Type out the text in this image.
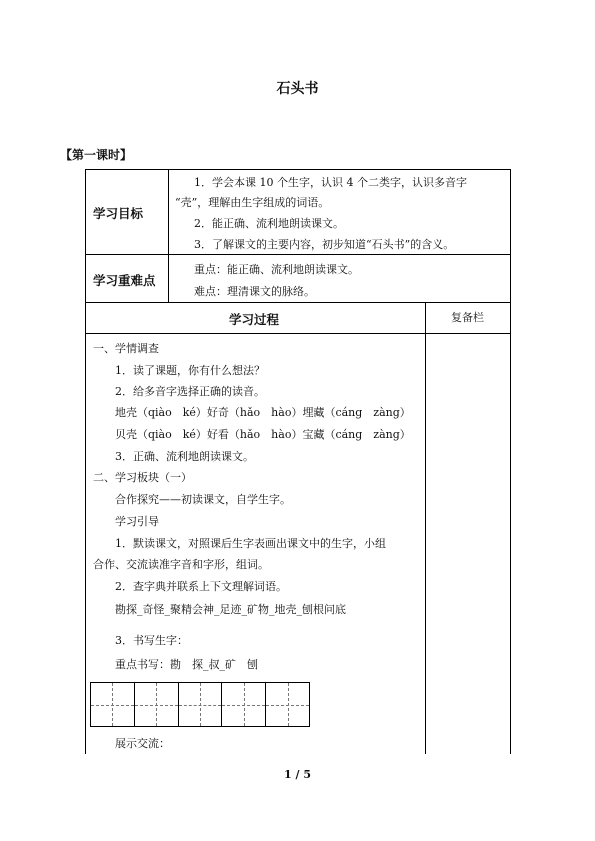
石头书
【第一课时】
学习目标
1．学会本课 10 个生字，认识 4 个二类字，认识多音字
“壳”，理解由生字组成的词语。
2．能正确、流利地朗读课文。
3．了解课文的主要内容，初步知道“石头书”的含义。
学习重难点
重点：能正确、流利地朗读课文。
难点：理清课文的脉络。
学习过程	复备栏
一、学情调查
1．读了课题，你有什么想法？
2．给多音字选择正确的读音。
地壳（qiào　ké）好奇（hǎo　hào）埋藏（cáng　zàng）
贝壳（qiào　ké）好看（hǎo　hào）宝藏（cáng　zàng）
3．正确、流利地朗读课文。
二、学习板块（一）
合作探究——初读课文，自学生字。
学习引导
1．默读课文，对照课后生字表画出课文中的生字，小组
合作、交流读准字音和字形，组词。
2．查字典并联系上下文理解词语。
勘探_奇怪_聚精会神_足迹_矿物_地壳_刨根问底
3．书写生字：
重点书写：勘　探_叔_矿　刨
展示交流：
1 / 5
